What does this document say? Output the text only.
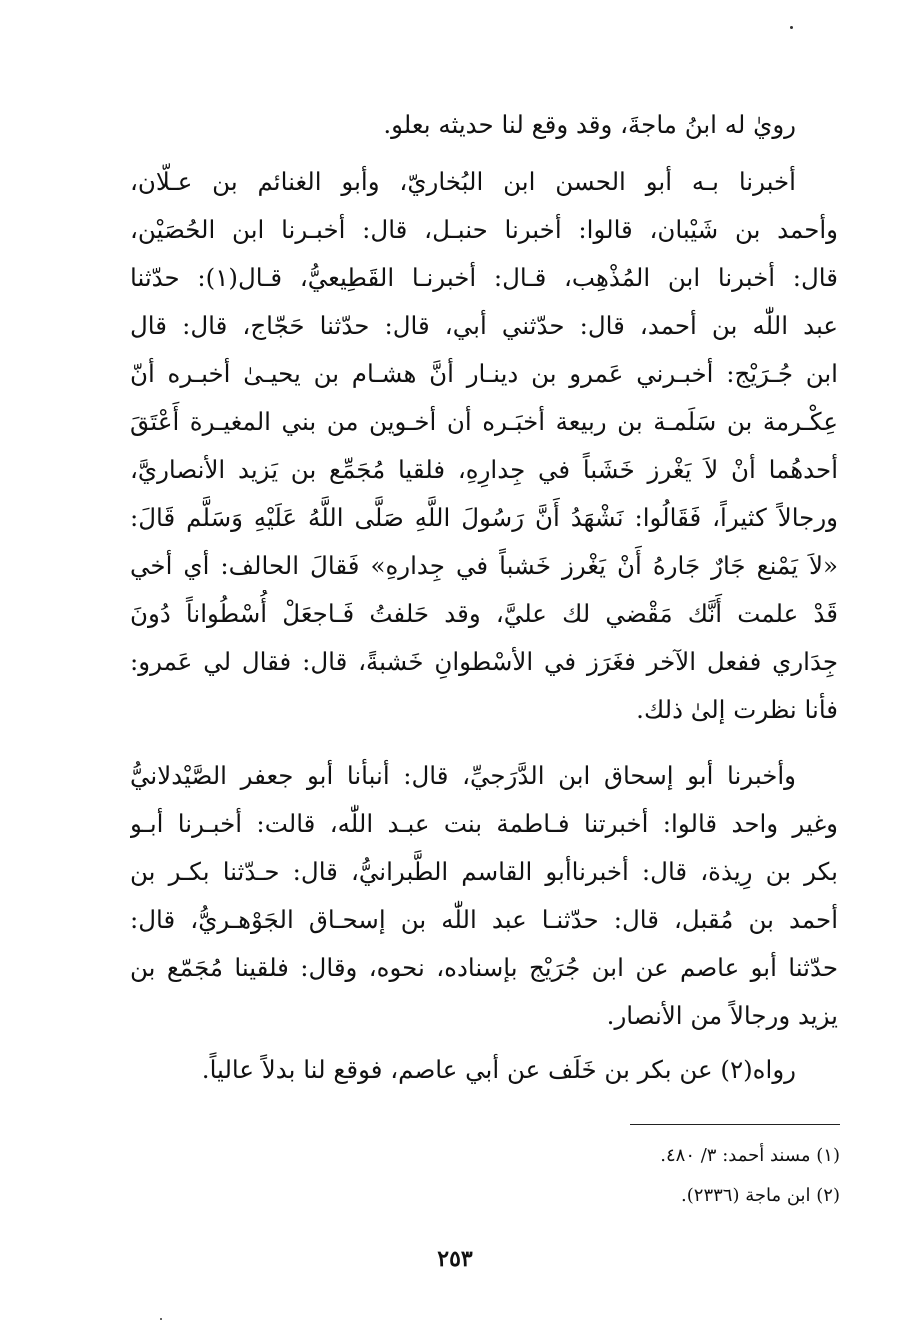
رويٰ له ابنُ ماجةَ، وقد وقع لنا حديثه بعلو.
أخبرنا بـه أبو الحسن ابن البُخاريّ، وأبو الغنائم بن عـلّان،
وأحمد بن شَيْبان، قالوا: أخبرنا حنبـل، قال: أخبـرنا ابن الحُصَيْن،
قال: أخبرنا ابن المُذْهِب، قـال: أخبرنـا القَطِيعيُّ، قـال(١): حدّثنا
عبد اللّٰه بن أحمد، قال: حدّثني أبي، قال: حدّثنا حَجّاج، قال: قال
ابن جُـرَيْج: أخبـرني عَمرو بن دينـار أنَّ هشـام بن يحيـىٰ أخبـره أنّ
عِكْـرمة بن سَلَمـة بن ربيعة أخبَـره أن أخـوين من بني المغيـرة أَعْتَقَ
أحدهُما أنْ لاَ يَغْرز خَشَباً في جِدارِهِ، فلقيا مُجَمِّع بن يَزيد الأنصاريَّ،
ورجالاً كثيراً، فَقَالُوا: نَشْهَدُ أَنَّ رَسُولَ اللَّهِ صَلَّى اللَّهُ عَلَيْهِ وَسَلَّم قَالَ:
«لاَ يَمْنع جَارٌ جَارهُ أَنْ يَغْرز خَشباً في جِدارهِ» فَقالَ الحالف: أي أخي
قَدْ علمت أَنَّك مَقْضي لك عليَّ، وقد حَلفتُ فَـاجعَلْ أُسْطُواناً دُونَ
جِدَاري ففعل الآخر فغَرَز في الأسْطوانِ خَشبةً، قال: فقال لي عَمرو:
فأنا نظرت إلىٰ ذلك.
وأخبرنا أبو إسحاق ابن الدَّرَجيِّ، قال: أنبأنا أبو جعفر الصَّيْدلانيُّ
وغير واحد قالوا: أخبرتنا فـاطمة بنت عبـد اللّٰه، قالت: أخبـرنا أبـو
بكر بن رِيذة، قال: أخبرناأبو القاسم الطَّبرانيُّ، قال: حـدّثنا بكـر بن
أحمد بن مُقبل، قال: حدّثنـا عبد اللّٰه بن إسحـاق الجَوْهـريُّ، قال:
حدّثنا أبو عاصم عن ابن جُرَيْج بإسناده، نحوه، وقال: فلقينا مُجَمّع بن
يزيد ورجالاً من الأنصار.
رواه(٢) عن بكر بن خَلَف عن أبي عاصم، فوقع لنا بدلاً عالياً.
(١) مسند أحمد: ٣/ ٤٨٠.
(٢) ابن ماجة (٢٣٣٦).
٢٥٣
